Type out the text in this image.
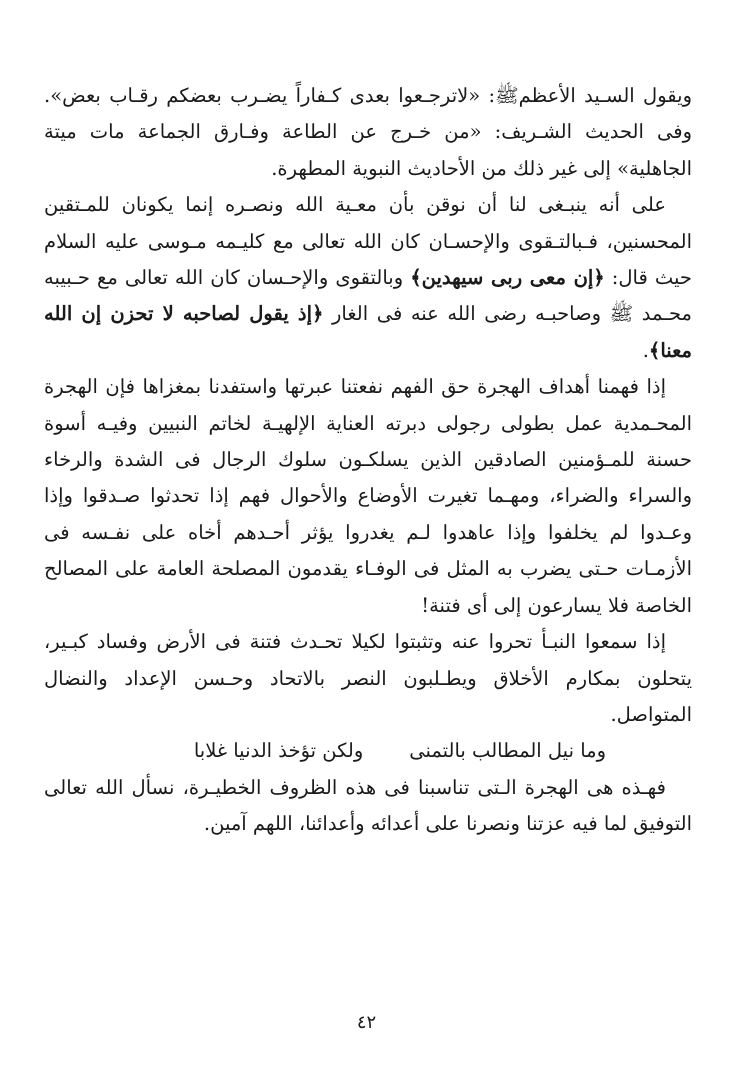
ويقول السـيد الأعظمﷺ: «لاترجـعوا بعدى كـفاراً يضـرب بعضكم رقـاب بعض». وفى الحديث الشـريف: «من خـرج عن الطاعة وفـارق الجماعة مات ميتة الجاهلية» إلى غير ذلك من الأحاديث النبوية المطهرة.

على أنه ينبـغى لنا أن نوقن بأن معـية الله ونصـره إنما يكونان للمـتقين المحسنين، فـبالتـقوى والإحسـان كان الله تعالى مع كليـمه مـوسى عليه السلام حيث قال: ﴿إن معى ربى سيهدين﴾ وبالتقوى والإحـسان كان الله تعالى مع حـبيبه محـمد ﷺ وصاحبـه رضى الله عنه فى الغار ﴿إذ يقول لصاحبه لا تحزن إن الله معنا﴾.

إذا فهمنا أهداف الهجرة حق الفهم نفعتنا عبرتها واستفدنا بمغزاها فإن الهجرة المحـمدية عمل بطولى رجولى دبرته العناية الإلهيـة لخاتم النبيين وفيـه أسوة حسنة للمـؤمنين الصادقين الذين يسلكـون سلوك الرجال فى الشدة والرخاء والسراء والضراء، ومهـما تغيرت الأوضاع والأحوال فهم إذا تحدثوا صـدقوا وإذا وعـدوا لم يخلفوا وإذا عاهدوا لـم يغدروا يؤثر أحـدهم أخاه على نفـسه فى الأزمـات حـتى يضرب به المثل فى الوفـاء يقدمون المصلحة العامة على المصالح الخاصة فلا يسارعون إلى أى فتنة!

إذا سمعوا النبـأ تحروا عنه وتثبتوا لكيلا تحـدث فتنة فى الأرض وفساد كبـير، يتحلون بمكارم الأخلاق ويطـلبون النصر بالاتحاد وحـسن الإعداد والنضال المتواصل.

وما نيل المطالب بالتمنى
ولكن تؤخذ الدنيا غلابا

فهـذه هى الهجرة الـتى تناسبنا فى هذه الظروف الخطيـرة، نسأل الله تعالى التوفيق لما فيه عزتنا ونصرنا على أعدائه وأعدائنا، اللهم آمين.

٤٢
